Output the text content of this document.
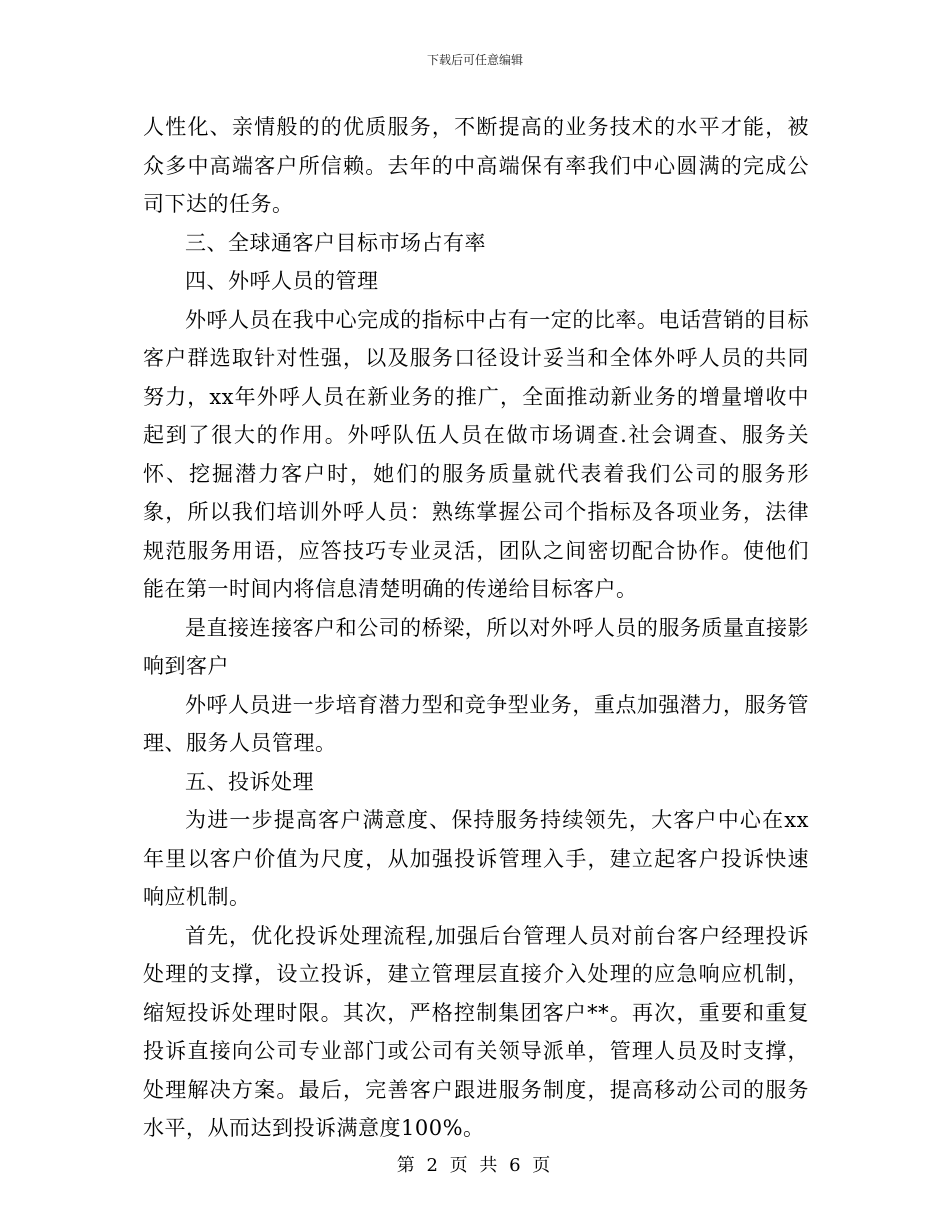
下载后可任意编辑

人性化、亲情般的的优质服务，不断提高的业务技术的水平才能，被众多中高端客户所信赖。去年的中高端保有率我们中心圆满的完成公司下达的任务。

三、全球通客户目标市场占有率

四、外呼人员的管理

外呼人员在我中心完成的指标中占有一定的比率。电话营销的目标客户群选取针对性强，以及服务口径设计妥当和全体外呼人员的共同努力，xx年外呼人员在新业务的推广，全面推动新业务的增量增收中起到了很大的作用。外呼队伍人员在做市场调查.社会调查、服务关怀、挖掘潜力客户时，她们的服务质量就代表着我们公司的服务形象，所以我们培训外呼人员：熟练掌握公司个指标及各项业务，法律规范服务用语，应答技巧专业灵活，团队之间密切配合协作。使他们能在第一时间内将信息清楚明确的传递给目标客户。

是直接连接客户和公司的桥梁，所以对外呼人员的服务质量直接影响到客户

外呼人员进一步培育潜力型和竞争型业务，重点加强潜力，服务管理、服务人员管理。

五、投诉处理

为进一步提高客户满意度、保持服务持续领先，大客户中心在xx年里以客户价值为尺度，从加强投诉管理入手，建立起客户投诉快速响应机制。

首先，优化投诉处理流程,加强后台管理人员对前台客户经理投诉处理的支撑，设立投诉，建立管理层直接介入处理的应急响应机制，缩短投诉处理时限。其次，严格控制集团客户**。再次，重要和重复投诉直接向公司专业部门或公司有关领导派单，管理人员及时支撑，处理解决方案。最后，完善客户跟进服务制度，提高移动公司的服务水平，从而达到投诉满意度100%。

第 2 页 共 6 页
